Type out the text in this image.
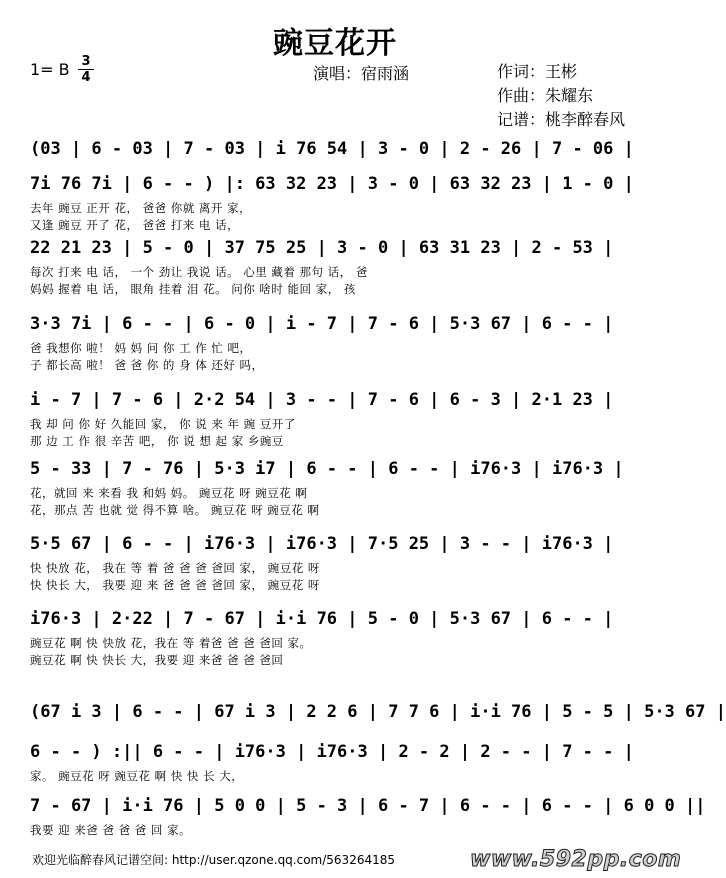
豌豆花开
1= B 3
4	演唱：宿雨涵	作词：王彬
作曲：朱耀东
记谱：桃李醉春风
(03 | 6 - 03 | 7 - 03 | i 76 54 | 3 - 0 | 2 - 26 | 7 - 06 |
7i 76 7i | 6 - - ) |: 63 32 23 | 3 - 0 | 63 32 23 | 1 - 0 |
去年 豌豆 正开 花， 爸爸 你就 离开 家，
又逢 豌豆 开了 花， 爸爸 打来 电 话，
22 21 23 | 5 - 0 | 37 75 25 | 3 - 0 | 63 31 23 | 2 - 53 |
每次 打来 电 话， 一个 劲让 我说 话。 心里 藏着 那句 话， 爸
妈妈 握着 电 话， 眼角 挂着 泪 花。 问你 啥时 能回 家， 孩
3·3 7i | 6 - - | 6 - 0 | i - 7 | 7 - 6 | 5·3 67 | 6 - - |
爸 我想你 啦！ 妈 妈 问 你 工 作 忙 吧，
子 都长高 啦！ 爸 爸 你 的 身 体 还好 吗，
i - 7 | 7 - 6 | 2·2 54 | 3 - - | 7 - 6 | 6 - 3 | 2·1 23 |
我 却 问 你 好 久能回 家， 你 说 来 年 豌 豆开了
那 边 工 作 很 辛苦 吧， 你 说 想 起 家 乡豌豆
5 - 33 | 7 - 76 | 5·3 i7 | 6 - - | 6 - - | i76·3 | i76·3 |
花，就回 来 来看 我 和妈 妈。 豌豆花 呀 豌豆花 啊
花，那点 苦 也就 觉 得不算 啥。 豌豆花 呀 豌豆花 啊
5·5 67 | 6 - - | i76·3 | i76·3 | 7·5 25 | 3 - - | i76·3 |
快 快放 花， 我在 等 着 爸 爸 爸 爸回 家， 豌豆花 呀
快 快长 大， 我要 迎 来 爸 爸 爸 爸回 家， 豌豆花 呀
i76·3 | 2·22 | 7 - 67 | i·i 76 | 5 - 0 | 5·3 67 | 6 - - |
豌豆花 啊 快 快放 花，我在 等 着爸 爸 爸 爸回 家。
豌豆花 啊 快 快长 大，我要 迎 来爸 爸 爸 爸回
(67 i 3 | 6 - - | 67 i 3 | 2 2 6 | 7 7 6 | i·i 76 | 5 - 5 | 5·3 67 |
6 - - ) :|| 6 - - | i76·3 | i76·3 | 2 - 2 | 2 - - | 7 - - |
家。 豌豆花 呀 豌豆花 啊 快 快 长 大，
7 - 67 | i·i 76 | 5 0 0 | 5 - 3 | 6 - 7 | 6 - - | 6 - - | 6 0 0 ||
我要 迎 来爸 爸 爸 爸 回 家。
欢迎光临醉春风记谱空间: http://user.qzone.qq.com/563264185	www.592pp.com
